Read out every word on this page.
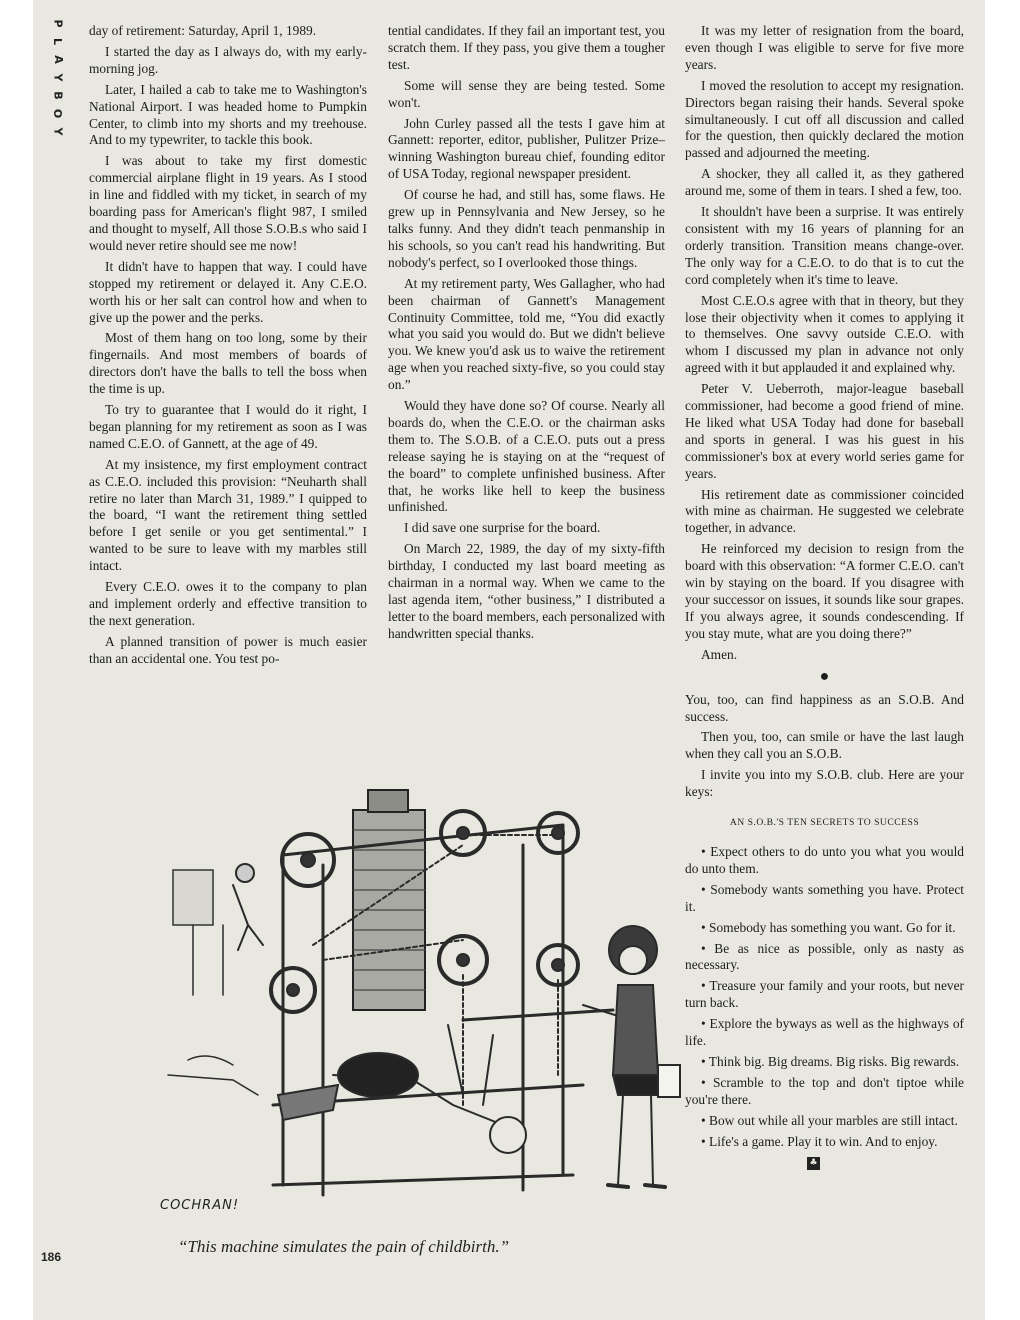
P
L
A
Y
B
O
Y

day of retirement: Saturday, April 1, 1989.

I started the day as I always do, with my early-morning jog.

Later, I hailed a cab to take me to Washington's National Airport. I was headed home to Pumpkin Center, to climb into my shorts and my treehouse. And to my typewriter, to tackle this book.

I was about to take my first domestic commercial airplane flight in 19 years. As I stood in line and fiddled with my ticket, in search of my boarding pass for American's flight 987, I smiled and thought to myself, All those S.O.B.s who said I would never retire should see me now!

It didn't have to happen that way. I could have stopped my retirement or delayed it. Any C.E.O. worth his or her salt can control how and when to give up the power and the perks.

Most of them hang on too long, some by their fingernails. And most members of boards of directors don't have the balls to tell the boss when the time is up.

To try to guarantee that I would do it right, I began planning for my retirement as soon as I was named C.E.O. of Gannett, at the age of 49.

At my insistence, my first employment contract as C.E.O. included this provision: “Neuharth shall retire no later than March 31, 1989.” I quipped to the board, “I want the retirement thing settled before I get senile or you get sentimental.” I wanted to be sure to leave with my marbles still intact.

Every C.E.O. owes it to the company to plan and implement orderly and effective transition to the next generation.

A planned transition of power is much easier than an accidental one. You test po-

tential candidates. If they fail an important test, you scratch them. If they pass, you give them a tougher test.

Some will sense they are being tested. Some won't.

John Curley passed all the tests I gave him at Gannett: reporter, editor, publisher, Pulitzer Prize–winning Washington bureau chief, founding editor of USA Today, regional newspaper president.

Of course he had, and still has, some flaws. He grew up in Pennsylvania and New Jersey, so he talks funny. And they didn't teach penmanship in his schools, so you can't read his handwriting. But nobody's perfect, so I overlooked those things.

At my retirement party, Wes Gallagher, who had been chairman of Gannett's Management Continuity Committee, told me, “You did exactly what you said you would do. But we didn't believe you. We knew you'd ask us to waive the retirement age when you reached sixty-five, so you could stay on.”

Would they have done so? Of course. Nearly all boards do, when the C.E.O. or the chairman asks them to. The S.O.B. of a C.E.O. puts out a press release saying he is staying on at the “request of the board” to complete unfinished business. After that, he works like hell to keep the business unfinished.

I did save one surprise for the board.

On March 22, 1989, the day of my sixty-fifth birthday, I conducted my last board meeting as chairman in a normal way. When we came to the last agenda item, “other business,” I distributed a letter to the board members, each personalized with handwritten special thanks.

It was my letter of resignation from the board, even though I was eligible to serve for five more years.

I moved the resolution to accept my resignation. Directors began raising their hands. Several spoke simultaneously. I cut off all discussion and called for the question, then quickly declared the motion passed and adjourned the meeting.

A shocker, they all called it, as they gathered around me, some of them in tears. I shed a few, too.

It shouldn't have been a surprise. It was entirely consistent with my 16 years of planning for an orderly transition. Transition means change-over. The only way for a C.E.O. to do that is to cut the cord completely when it's time to leave.

Most C.E.O.s agree with that in theory, but they lose their objectivity when it comes to applying it to themselves. One savvy outside C.E.O. with whom I discussed my plan in advance not only agreed with it but applauded it and explained why.

Peter V. Ueberroth, major-league baseball commissioner, had become a good friend of mine. He liked what USA Today had done for baseball and sports in general. I was his guest in his commissioner's box at every world series game for years.

His retirement date as commissioner coincided with mine as chairman. He suggested we celebrate together, in advance.

He reinforced my decision to resign from the board with this observation: “A former C.E.O. can't win by staying on the board. If you disagree with your successor on issues, it sounds like sour grapes. If you always agree, it sounds condescending. If you stay mute, what are you doing there?”

Amen.

●

You, too, can find happiness as an S.O.B. And success.

Then you, too, can smile or have the last laugh when they call you an S.O.B.

I invite you into my S.O.B. club. Here are your keys:

AN S.O.B.'S TEN SECRETS TO SUCCESS

• Expect others to do unto you what you would do unto them.

• Somebody wants something you have. Protect it.

• Somebody has something you want. Go for it.

• Be as nice as possible, only as nasty as necessary.

• Treasure your family and your roots, but never turn back.

• Explore the byways as well as the highways of life.

• Think big. Big dreams. Big risks. Big rewards.

• Scramble to the top and don't tiptoe while you're there.

• Bow out while all your marbles are still intact.

• Life's a game. Play it to win. And to enjoy.

♣
COCHRAN!
“This machine simulates the pain of childbirth.”
186
